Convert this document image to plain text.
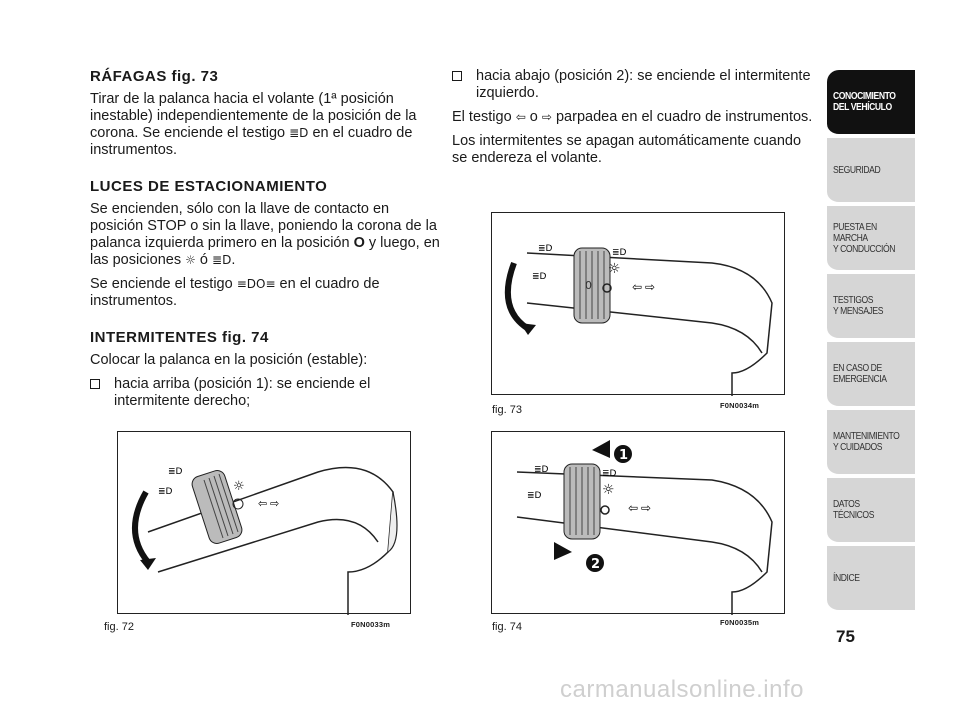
RÁFAGAS fig. 73
Tirar de la palanca hacia el volante (1ª posición inestable) independientemente de la posición de la corona. Se enciende el testigo ≣D en el cuadro de instrumentos.
LUCES DE ESTACIONAMIENTO
Se encienden, sólo con la llave de contacto en posición STOP o sin la llave, poniendo la corona de la palanca izquierda primero en la posición O y luego, en las posiciones ☼ ó ≣D.
Se enciende el testigo ≡DO≡ en el cuadro de instrumentos.
INTERMITENTES fig. 74
Colocar la palanca en la posición (estable):
hacia arriba (posición 1): se enciende el intermitente derecho;
hacia abajo (posición 2): se enciende el intermitente izquierdo.
El testigo ⇦ o ⇨ parpadea en el cuadro de instrumentos.
Los intermitentes se apagan automáticamente cuando se endereza el volante.
☼
⇦ ⇨
≣D
≣D
fig. 72	F0N0033m
☼
⇦ ⇨
≣D
≣D
≣D
0
fig. 73	F0N0034m
1
2
☼
⇦ ⇨
≣D
≣D
≣D
fig. 74	F0N0035m
CONOCIMIENTO
DEL VEHÍCULO
SEGURIDAD
PUESTA EN
MARCHA
Y CONDUCCIÓN
TESTIGOS
Y MENSAJES
EN CASO DE
EMERGENCIA
MANTENIMIENTO
Y CUIDADOS
DATOS
TÉCNICOS
ÍNDICE
75
carmanualsonline.info
